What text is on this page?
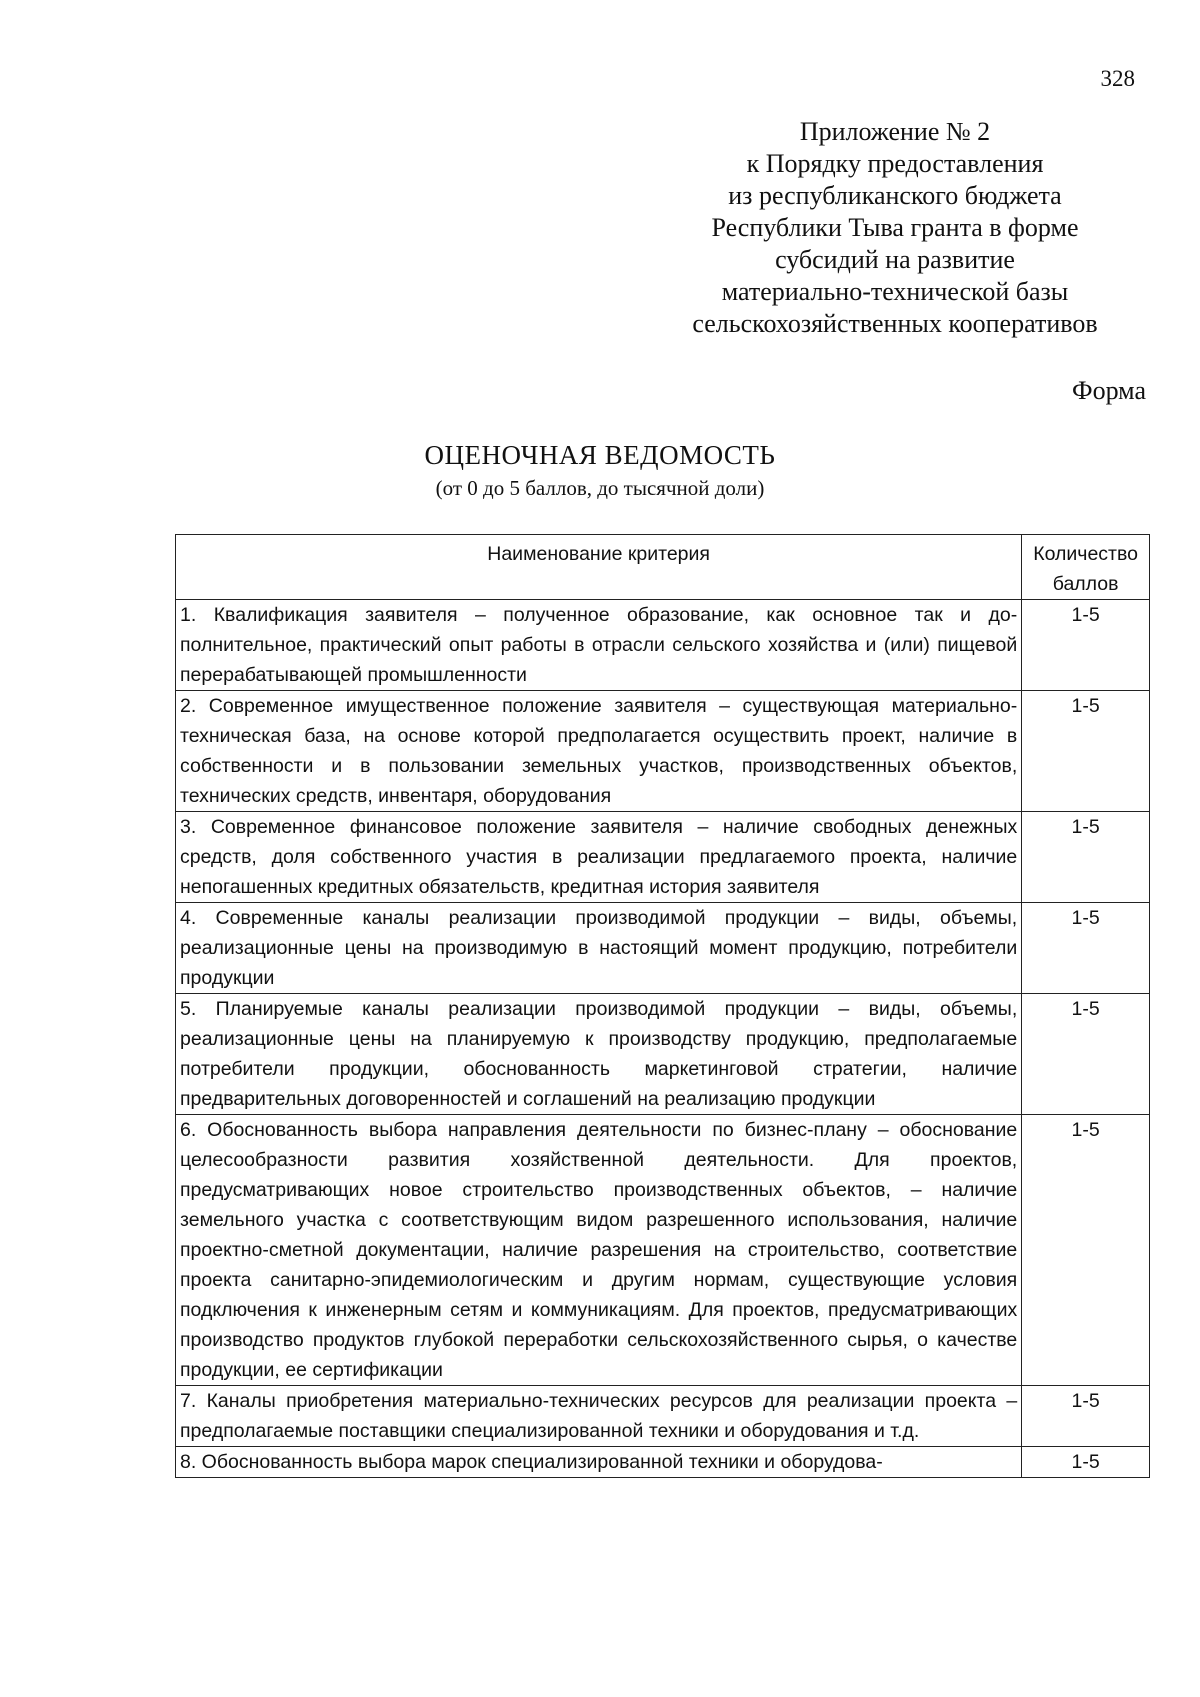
328
Приложение № 2
к Порядку предоставления
из республиканского бюджета
Республики Тыва гранта в форме
субсидий на развитие
материально-технической базы
сельскохозяйственных кооперативов
Форма
ОЦЕНОЧНАЯ ВЕДОМОСТЬ
(от 0 до 5 баллов, до тысячной доли)
Наименование критерия	Количество баллов
1. Квалификация заявителя – полученное образование, как основное так и дополнительное, практический опыт работы в отрасли сельского хозяйства и (или) пищевой перерабатывающей промышленности	1-5
2. Современное имущественное положение заявителя – существующая материально-техническая база, на основе которой предполагается осуществить проект, наличие в собственности и в пользовании земельных участков, производственных объектов, технических средств, инвентаря, оборудования	1-5
3. Современное финансовое положение заявителя – наличие свободных денежных средств, доля собственного участия в реализации предлагаемого проекта, наличие непогашенных кредитных обязательств, кредитная история заявителя	1-5
4. Современные каналы реализации производимой продукции – виды, объемы, реализационные цены на производимую в настоящий момент продукцию, потребители продукции	1-5
5. Планируемые каналы реализации производимой продукции – виды, объемы, реализационные цены на планируемую к производству продукцию, предполагаемые потребители продукции, обоснованность маркетинговой стратегии, наличие предварительных договоренностей и соглашений на реализацию продукции	1-5
6. Обоснованность выбора направления деятельности по бизнес-плану – обоснование целесообразности развития хозяйственной деятельности. Для проектов, предусматривающих новое строительство производственных объектов, – наличие земельного участка с соответствующим видом разрешенного использования, наличие проектно-сметной документации, наличие разрешения на строительство, соответствие проекта санитарно-эпидемиологическим и другим нормам, существующие условия подключения к инженерным сетям и коммуникациям. Для проектов, предусматривающих производство продуктов глубокой переработки сельскохозяйственного сырья, о качестве продукции, ее сертификации	1-5
7. Каналы приобретения материально-технических ресурсов для реализации проекта – предполагаемые поставщики специализированной техники и оборудования и т.д.	1-5
8. Обоснованность выбора марок специализированной техники и оборудова-	1-5
